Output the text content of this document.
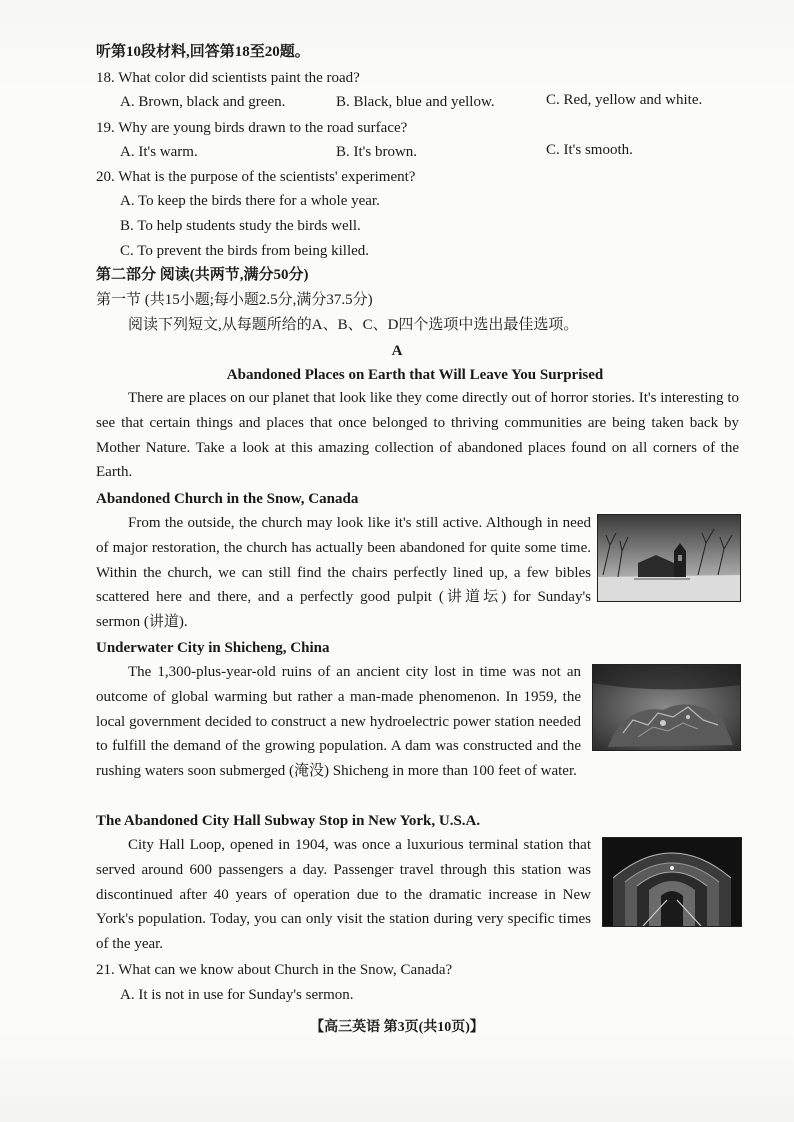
听第10段材料,回答第18至20题。
18. What color did scientists paint the road?
A. Brown, black and green.	B. Black, blue and yellow.	C. Red, yellow and white.
19. Why are young birds drawn to the road surface?
A. It's warm.	B. It's brown.	C. It's smooth.
20. What is the purpose of the scientists' experiment?
A. To keep the birds there for a whole year.
B. To help students study the birds well.
C. To prevent the birds from being killed.
第二部分 阅读(共两节,满分50分)
第一节 (共15小题;每小题2.5分,满分37.5分)
阅读下列短文,从每题所给的A、B、C、D四个选项中选出最佳选项。
A
Abandoned Places on Earth that Will Leave You Surprised
There are places on our planet that look like they come directly out of horror stories. It's interesting to see that certain things and places that once belonged to thriving communities are being taken back by Mother Nature. Take a look at this amazing collection of abandoned places found on all corners of the Earth.
Abandoned Church in the Snow, Canada
From the outside, the church may look like it's still active. Although in need of major restoration, the church has actually been abandoned for quite some time. Within the church, we can still find the chairs perfectly lined up, a few bibles scattered here and there, and a perfectly good pulpit (讲道坛) for Sunday's sermon (讲道).
Underwater City in Shicheng, China
The 1,300-plus-year-old ruins of an ancient city lost in time was not an outcome of global warming but rather a man-made phenomenon. In 1959, the local government decided to construct a new hydroelectric power station needed to fulfill the demand of the growing population. A dam was constructed and the rushing waters soon submerged (淹没) Shicheng in more than 100 feet of water.
The Abandoned City Hall Subway Stop in New York, U.S.A.
City Hall Loop, opened in 1904, was once a luxurious terminal station that served around 600 passengers a day. Passenger travel through this station was discontinued after 40 years of operation due to the dramatic increase in New York's population. Today, you can only visit the station during very specific times of the year.
21. What can we know about Church in the Snow, Canada?
A. It is not in use for Sunday's sermon.
【高三英语 第3页(共10页)】
